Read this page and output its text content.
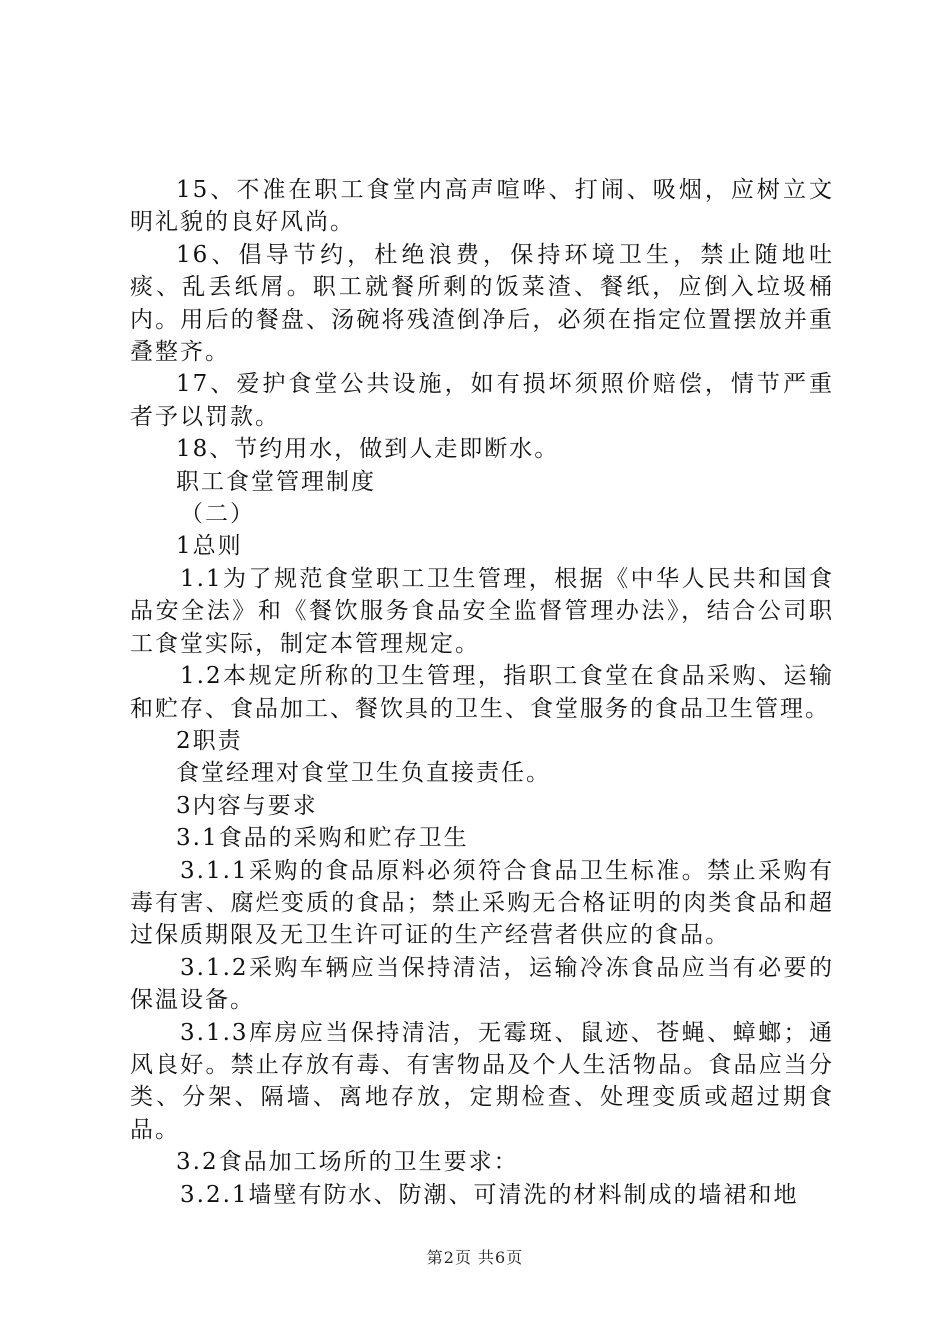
15、不准在职工食堂内高声喧哗、打闹、吸烟，应树立文明礼貌的良好风尚。

16、倡导节约，杜绝浪费，保持环境卫生，禁止随地吐痰、乱丢纸屑。职工就餐所剩的饭菜渣、餐纸，应倒入垃圾桶内。用后的餐盘、汤碗将残渣倒净后，必须在指定位置摆放并重叠整齐。

17、爱护食堂公共设施，如有损坏须照价赔偿，情节严重者予以罚款。

18、节约用水，做到人走即断水。

职工食堂管理制度

（二）

1总则

1.1为了规范食堂职工卫生管理，根据《中华人民共和国食品安全法》和《餐饮服务食品安全监督管理办法》，结合公司职工食堂实际，制定本管理规定。

1.2本规定所称的卫生管理，指职工食堂在食品采购、运输和贮存、食品加工、餐饮具的卫生、食堂服务的食品卫生管理。

2职责

食堂经理对食堂卫生负直接责任。

3内容与要求

3.1食品的采购和贮存卫生

3.1.1采购的食品原料必须符合食品卫生标准。禁止采购有毒有害、腐烂变质的食品；禁止采购无合格证明的肉类食品和超过保质期限及无卫生许可证的生产经营者供应的食品。

3.1.2采购车辆应当保持清洁，运输冷冻食品应当有必要的保温设备。

3.1.3库房应当保持清洁，无霉斑、鼠迹、苍蝇、蟑螂；通风良好。禁止存放有毒、有害物品及个人生活物品。食品应当分类、分架、隔墙、离地存放，定期检查、处理变质或超过期食品。

3.2食品加工场所的卫生要求：

3.2.1墙壁有防水、防潮、可清洗的材料制成的墙裙和地

第2页 共6页
